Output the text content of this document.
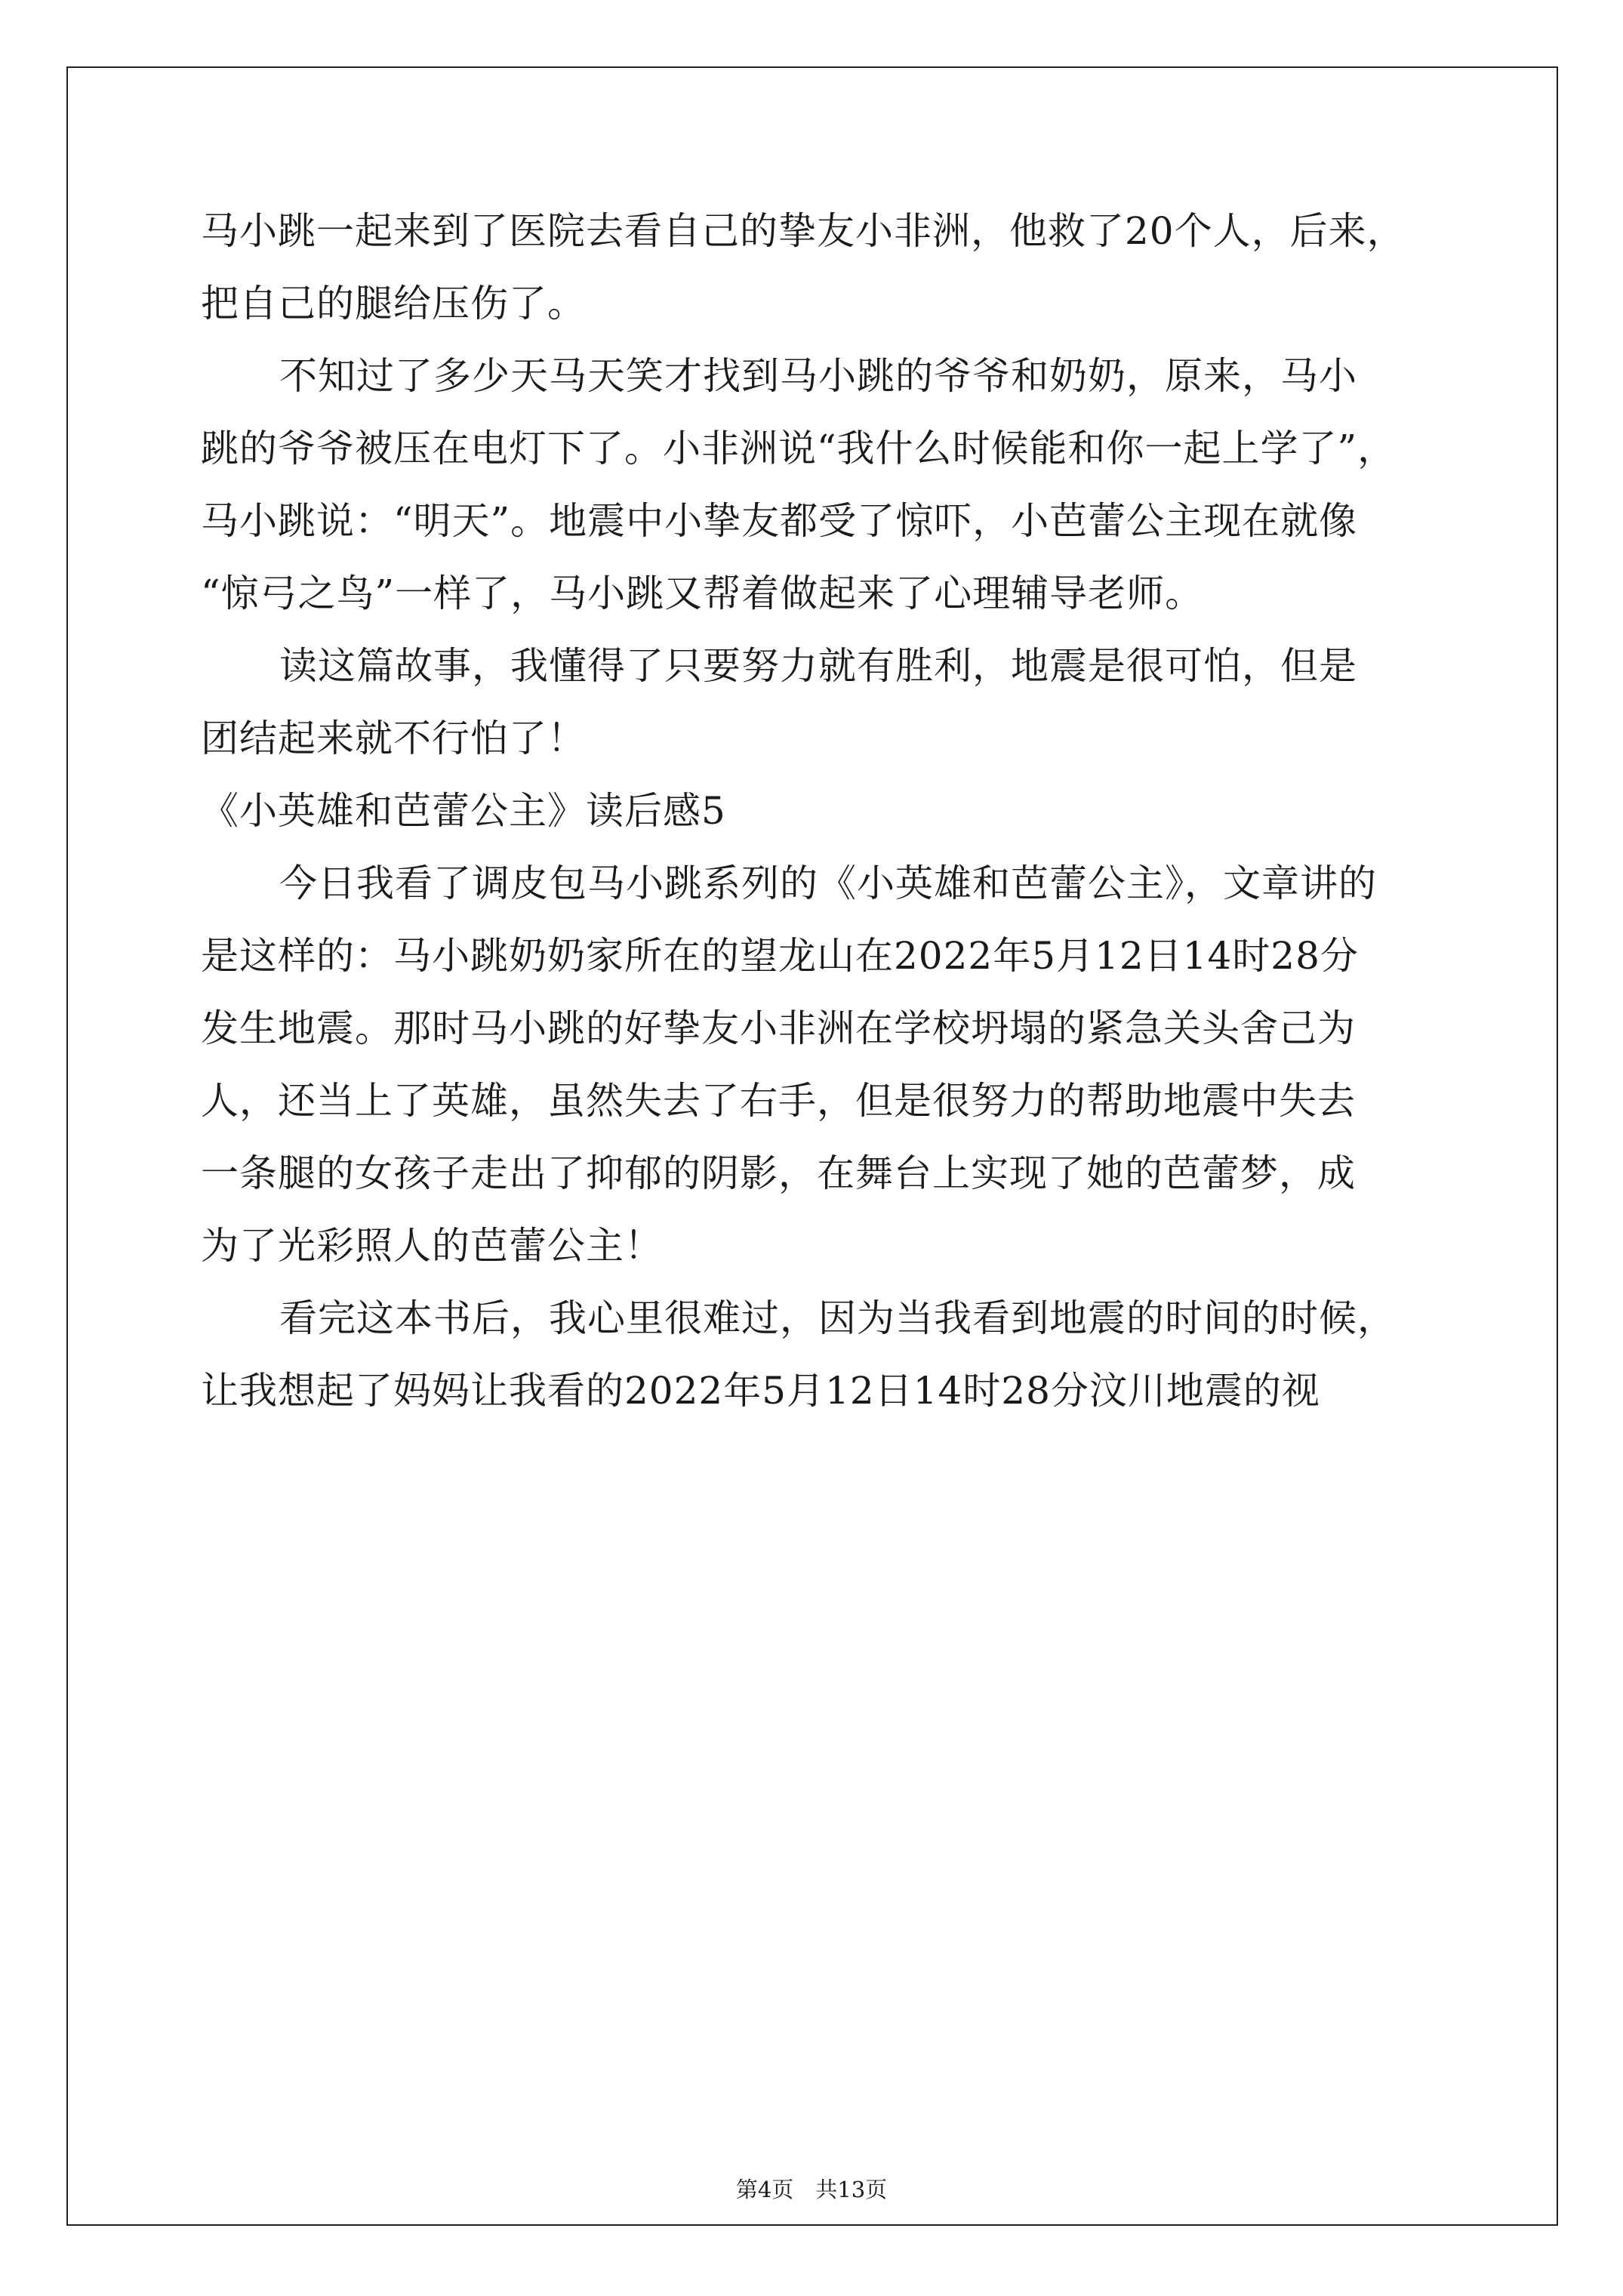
马小跳一起来到了医院去看自己的挚友小非洲，他救了20个人，后来，
把自己的腿给压伤了。
不知过了多少天马天笑才找到马小跳的爷爷和奶奶，原来，马小
跳的爷爷被压在电灯下了。小非洲说“我什么时候能和你一起上学了”，
马小跳说：“明天”。地震中小挚友都受了惊吓，小芭蕾公主现在就像
“惊弓之鸟”一样了，马小跳又帮着做起来了心理辅导老师。
读这篇故事，我懂得了只要努力就有胜利，地震是很可怕，但是
团结起来就不行怕了！
《小英雄和芭蕾公主》读后感5
今日我看了调皮包马小跳系列的《小英雄和芭蕾公主》，文章讲的
是这样的：马小跳奶奶家所在的望龙山在2022年5月12日14时28分
发生地震。那时马小跳的好挚友小非洲在学校坍塌的紧急关头舍己为
人，还当上了英雄，虽然失去了右手，但是很努力的帮助地震中失去
一条腿的女孩子走出了抑郁的阴影，在舞台上实现了她的芭蕾梦，成
为了光彩照人的芭蕾公主！
看完这本书后，我心里很难过，因为当我看到地震的时间的时候，
让我想起了妈妈让我看的2022年5月12日14时28分汶川地震的视
第4页　共13页
